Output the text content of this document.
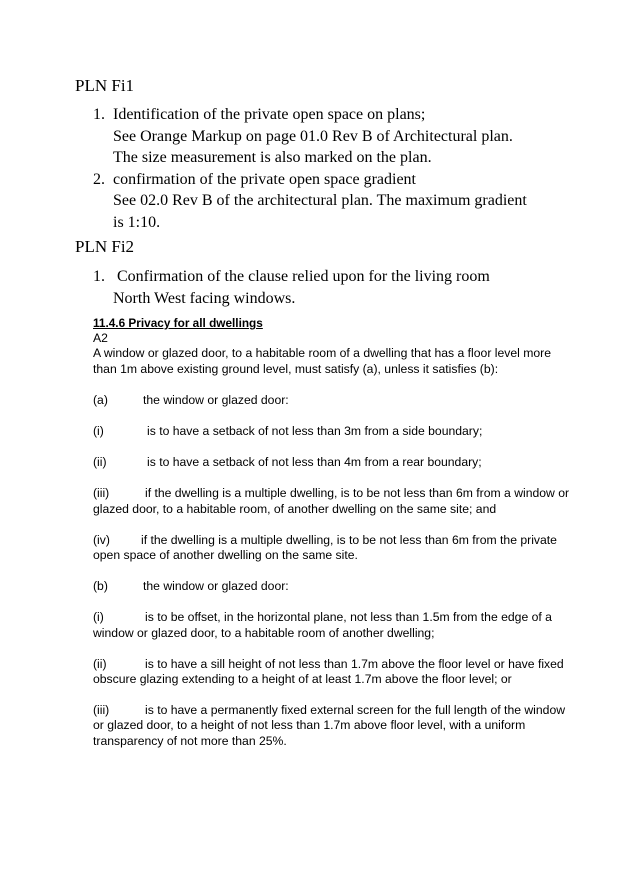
PLN Fi1
1. Identification of the private open space on plans;
See Orange Markup on page 01.0 Rev B of Architectural plan.
The size measurement is also marked on the plan.
2. confirmation of the private open space gradient
See 02.0 Rev B of the architectural plan. The maximum gradient
is 1:10.
PLN Fi2
1. Confirmation of the clause relied upon for the living room
North West facing windows.
11.4.6 Privacy for all dwellings
A2

A window or glazed door, to a habitable room of a dwelling that has a floor level more than 1m above existing ground level, must satisfy (a), unless it satisfies (b):

(a)	the window or glazed door:

(i)	is to have a setback of not less than 3m from a side boundary;

(ii)	is to have a setback of not less than 4m from a rear boundary;

(iii)	if the dwelling is a multiple dwelling, is to be not less than 6m from a window or glazed door, to a habitable room, of another dwelling on the same site; and

(iv)	if the dwelling is a multiple dwelling, is to be not less than 6m from the private open space of another dwelling on the same site.

(b)	the window or glazed door:

(i)	is to be offset, in the horizontal plane, not less than 1.5m from the edge of a window or glazed door, to a habitable room of another dwelling;

(ii)	is to have a sill height of not less than 1.7m above the floor level or have fixed obscure glazing extending to a height of at least 1.7m above the floor level; or

(iii)	is to have a permanently fixed external screen for the full length of the window or glazed door, to a height of not less than 1.7m above floor level, with a uniform transparency of not more than 25%.
